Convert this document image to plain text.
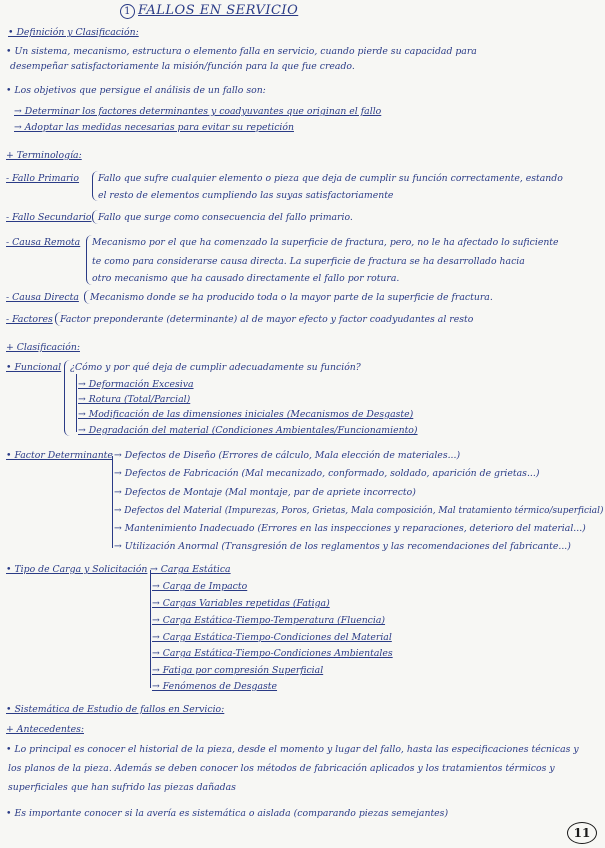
1 FALLOS EN SERVICIO
• Definición y Clasificación:
• Un sistema, mecanismo, estructura o elemento falla en servicio, cuando pierde su capacidad para
desempeñar satisfactoriamente la misión/función para la que fue creado.
• Los objetivos que persigue el análisis de un fallo son:
→ Determinar los factores determinantes y coadyuvantes que originan el fallo
→ Adoptar las medidas necesarias para evitar su repetición
+ Terminología:
- Fallo Primario Fallo que sufre cualquier elemento o pieza que deja de cumplir su función correctamente, estando
el resto de elementos cumpliendo las suyas satisfactoriamente
- Fallo Secundario Fallo que surge como consecuencia del fallo primario.
- Causa Remota Mecanismo por el que ha comenzado la superficie de fractura, pero, no le ha afectado lo suficiente
te como para considerarse causa directa. La superficie de fractura se ha desarrollado hacia
otro mecanismo que ha causado directamente el fallo por rotura.
- Causa Directa Mecanismo donde se ha producido toda o la mayor parte de la superficie de fractura.
- Factores Factor preponderante (determinante) al de mayor efecto y factor coadyudantes al resto
+ Clasificación:
• Funcional ¿Cómo y por qué deja de cumplir adecuadamente su función?
→ Deformación Excesiva
→ Rotura (Total/Parcial)
→ Modificación de las dimensiones iniciales (Mecanismos de Desgaste)
→ Degradación del material (Condiciones Ambientales/Funcionamiento)
• Factor Determinante → Defectos de Diseño (Errores de cálculo, Mala elección de materiales...)
→ Defectos de Fabricación (Mal mecanizado, conformado, soldado, aparición de grietas...)
→ Defectos de Montaje (Mal montaje, par de apriete incorrecto)
→ Defectos del Material (Impurezas, Poros, Grietas, Mala composición, Mal tratamiento térmico/superficial)
→ Mantenimiento Inadecuado (Errores en las inspecciones y reparaciones, deterioro del material...)
→ Utilización Anormal (Transgresión de los reglamentos y las recomendaciones del fabricante...)
• Tipo de Carga y Solicitación → Carga Estática
→ Carga de Impacto
→ Cargas Variables repetidas (Fatiga)
→ Carga Estática-Tiempo-Temperatura (Fluencia)
→ Carga Estática-Tiempo-Condiciones del Material
→ Carga Estática-Tiempo-Condiciones Ambientales
→ Fatiga por compresión Superficial
→ Fenómenos de Desgaste
• Sistemática de Estudio de fallos en Servicio:
+ Antecedentes:
• Lo principal es conocer el historial de la pieza, desde el momento y lugar del fallo, hasta las especificaciones técnicas y
los planos de la pieza. Además se deben conocer los métodos de fabricación aplicados y los tratamientos térmicos y
superficiales que han sufrido las piezas dañadas
• Es importante conocer si la avería es sistemática o aislada (comparando piezas semejantes)
11
